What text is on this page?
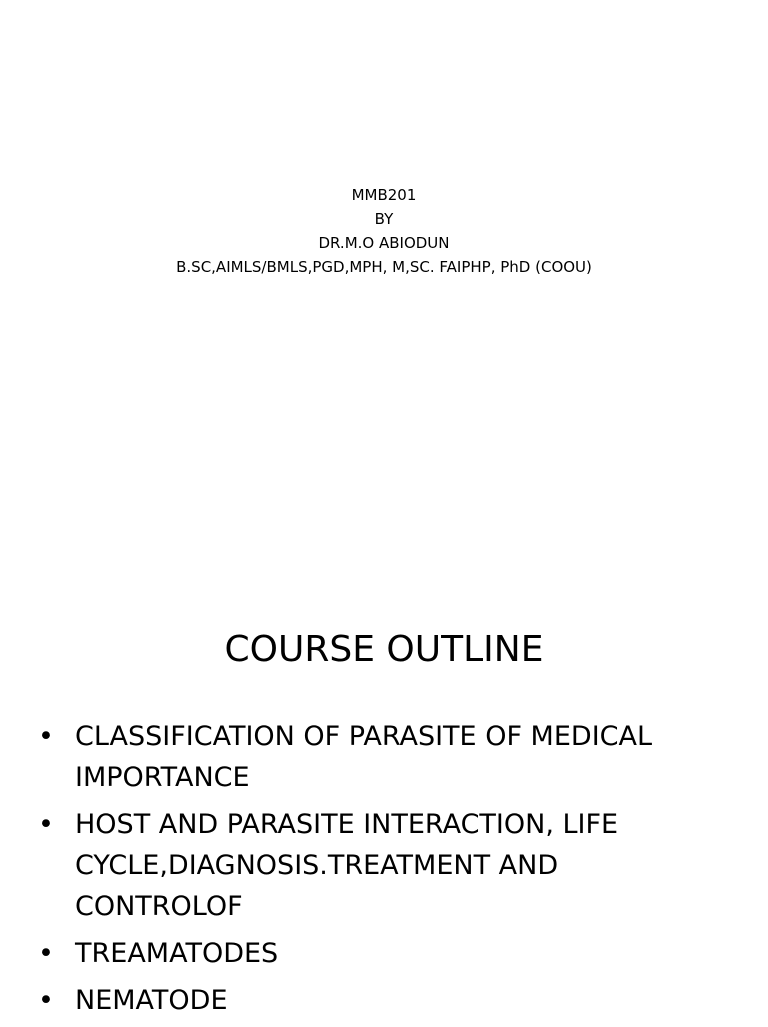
MMB201
BY
DR.M.O ABIODUN
B.SC,AIMLS/BMLS,PGD,MPH, M,SC. FAIPHP, PhD (COOU)
COURSE OUTLINE
• CLASSIFICATION OF PARASITE OF MEDICAL IMPORTANCE
• HOST AND PARASITE INTERACTION, LIFE CYCLE,DIAGNOSIS.TREATMENT AND CONTROLOF
• TREAMATODES
• NEMATODE
